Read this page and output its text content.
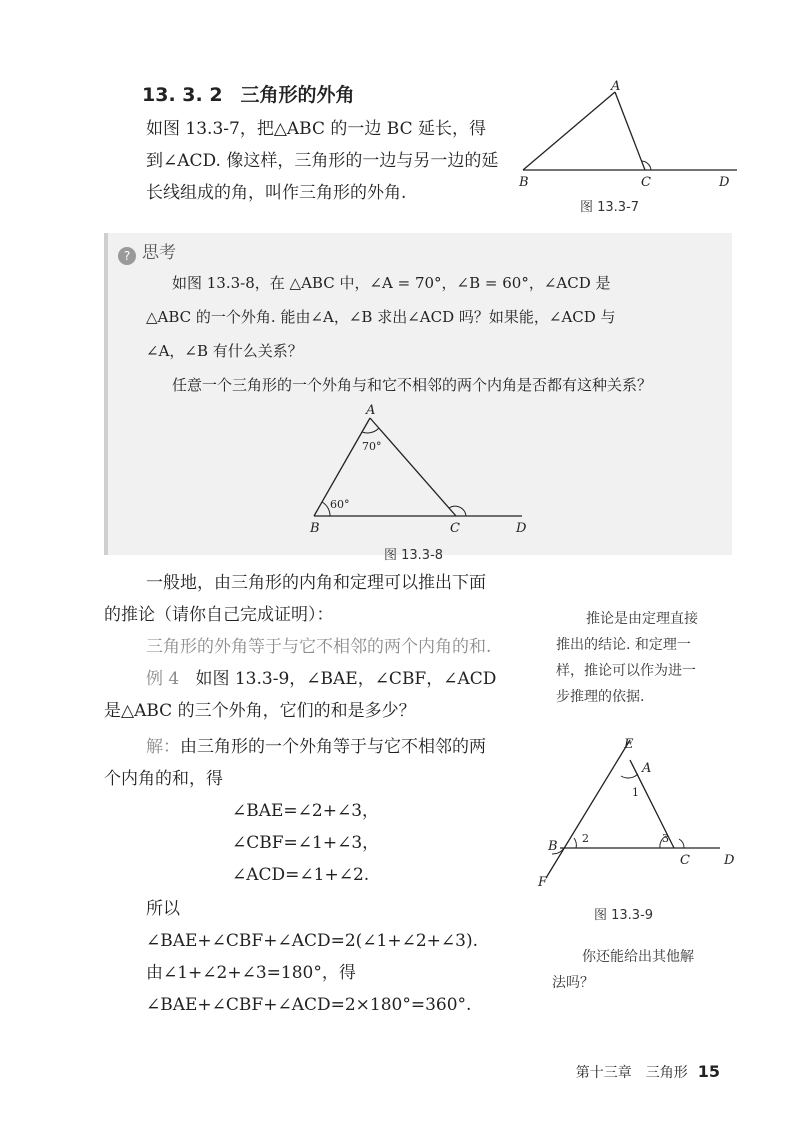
13. 3. 2 三角形的外角
如图 13.3-7，把△ABC 的一边 BC 延长，得
到∠ACD. 像这样，三角形的一边与另一边的延
长线组成的角，叫作三角形的外角.
A
B	C	D
图 13.3-7
? 思考
如图 13.3-8，在 △ABC 中，∠A = 70°，∠B = 60°，∠ACD 是
△ABC 的一个外角. 能由∠A，∠B 求出∠ACD 吗？如果能，∠ACD 与
∠A，∠B 有什么关系？
任意一个三角形的一个外角与和它不相邻的两个内角是否都有这种关系？
A
B	C	D
70°
60°
图 13.3-8
一般地，由三角形的内角和定理可以推出下面
的推论（请你自己完成证明）：
三角形的外角等于与它不相邻的两个内角的和.
推论是由定理直接
推出的结论. 和定理一
样，推论可以作为进一
步推理的依据.
例 4 如图 13.3-9，∠BAE，∠CBF，∠ACD
是△ABC 的三个外角，它们的和是多少？
解：由三角形的一个外角等于与它不相邻的两
个内角的和，得
∠BAE=∠2+∠3，
∠CBF=∠1+∠3，
∠ACD=∠1+∠2.
所以
∠BAE+∠CBF+∠ACD=2(∠1+∠2+∠3).
由∠1+∠2+∠3=180°，得
∠BAE+∠CBF+∠ACD=2×180°=360°.
E
A
1
B
2	3
C	D
F
图 13.3-9
你还能给出其他解
法吗？
第十三章　三角形 15
